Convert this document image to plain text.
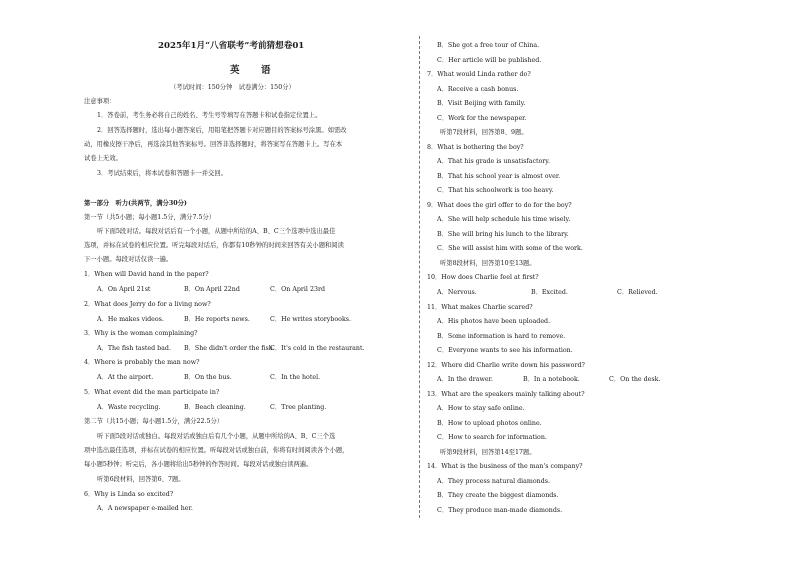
2025年1月“八省联考”考前猜想卷01
英　语
（考试时间：150分钟　试卷满分：150分）
注意事项：
1．答卷前，考生务必将自己的姓名、考生号等填写在答题卡和试卷指定位置上。
2．回答选择题时，选出每小题答案后，用铅笔把答题卡对应题目的答案标号涂黑。如需改
动，用橡皮擦干净后，再选涂其他答案标号。回答非选择题时，将答案写在答题卡上。写在本
试卷上无效。
3．考试结束后，将本试卷和答题卡一并交回。
第一部分　听力(共两节，满分30分)
第一节（共5小题；每小题1.5分，满分7.5分）
听下面5段对话。每段对话后有一个小题，从题中所给的A、B、C三个选项中选出最佳
选项，并标在试卷的相应位置。听完每段对话后，你都有10秒钟的时间来回答有关小题和阅读
下一小题。每段对话仅读一遍。
1．When will David hand in the paper?
A．On April 21st	B．On April 22nd	C．On April 23rd
2．What does Jerry do for a living now?
A．He makes videos.	B．He reports news.	C．He writes storybooks.
3．Why is the woman complaining?
A．The fish tasted bad. B．She didn't order the fish.
C．It's cold in the restaurant.
4．Where is probably the man now?
A．At the airport.	B．On the bus.	C．In the hotel.
5．What event did the man participate in?
A．Waste recycling.	B．Beach cleaning.	C．Tree planting.
第二节（共15小题；每小题1.5分，满分22.5分）
听下面5段对话或独白。每段对话或独白后有几个小题，从题中所给的A、B、C三个选
项中选出最佳选项，并标在试卷的相应位置。听每段对话或独白前，你将有时间阅读各个小题，
每小题5秒钟；听完后，各小题将给出5秒钟的作答时间。每段对话或独白读两遍。
听第6段材料，回答第6、7题。
6．Why is Linda so excited?
A．A newspaper e-mailed her.
B．She got a free tour of China.
C．Her article will be published.
7．What would Linda rather do?
A．Receive a cash bonus.
B．Visit Beijing with family.
C．Work for the newspaper.
听第7段材料，回答第8、9题。
8．What is bothering the boy?
A．That his grade is unsatisfactory.
B．That his school year is almost over.
C．That his schoolwork is too heavy.
9．What does the girl offer to do for the boy?
A．She will help schedule his time wisely.
B．She will bring his lunch to the library.
C．She will assist him with some of the work.
听第8段材料，回答第10至13题。
10．How does Charlie feel at first?
A．Nervous.	B．Excited.	C．Relieved.
11．What makes Charlie scared?
A．His photos have been uploaded.
B．Some information is hard to remove.
C．Everyone wants to see his information.
12．Where did Charlie write down his password?
A．In the drawer.	B．In a notebook.	C．On the desk.
13．What are the speakers mainly talking about?
A．How to stay safe online.
B．How to upload photos online.
C．How to search for information.
听第9段材料，回答第14至17题。
14．What is the business of the man's company?
A．They process natural diamonds.
B．They create the biggest diamonds.
C．They produce man-made diamonds.
